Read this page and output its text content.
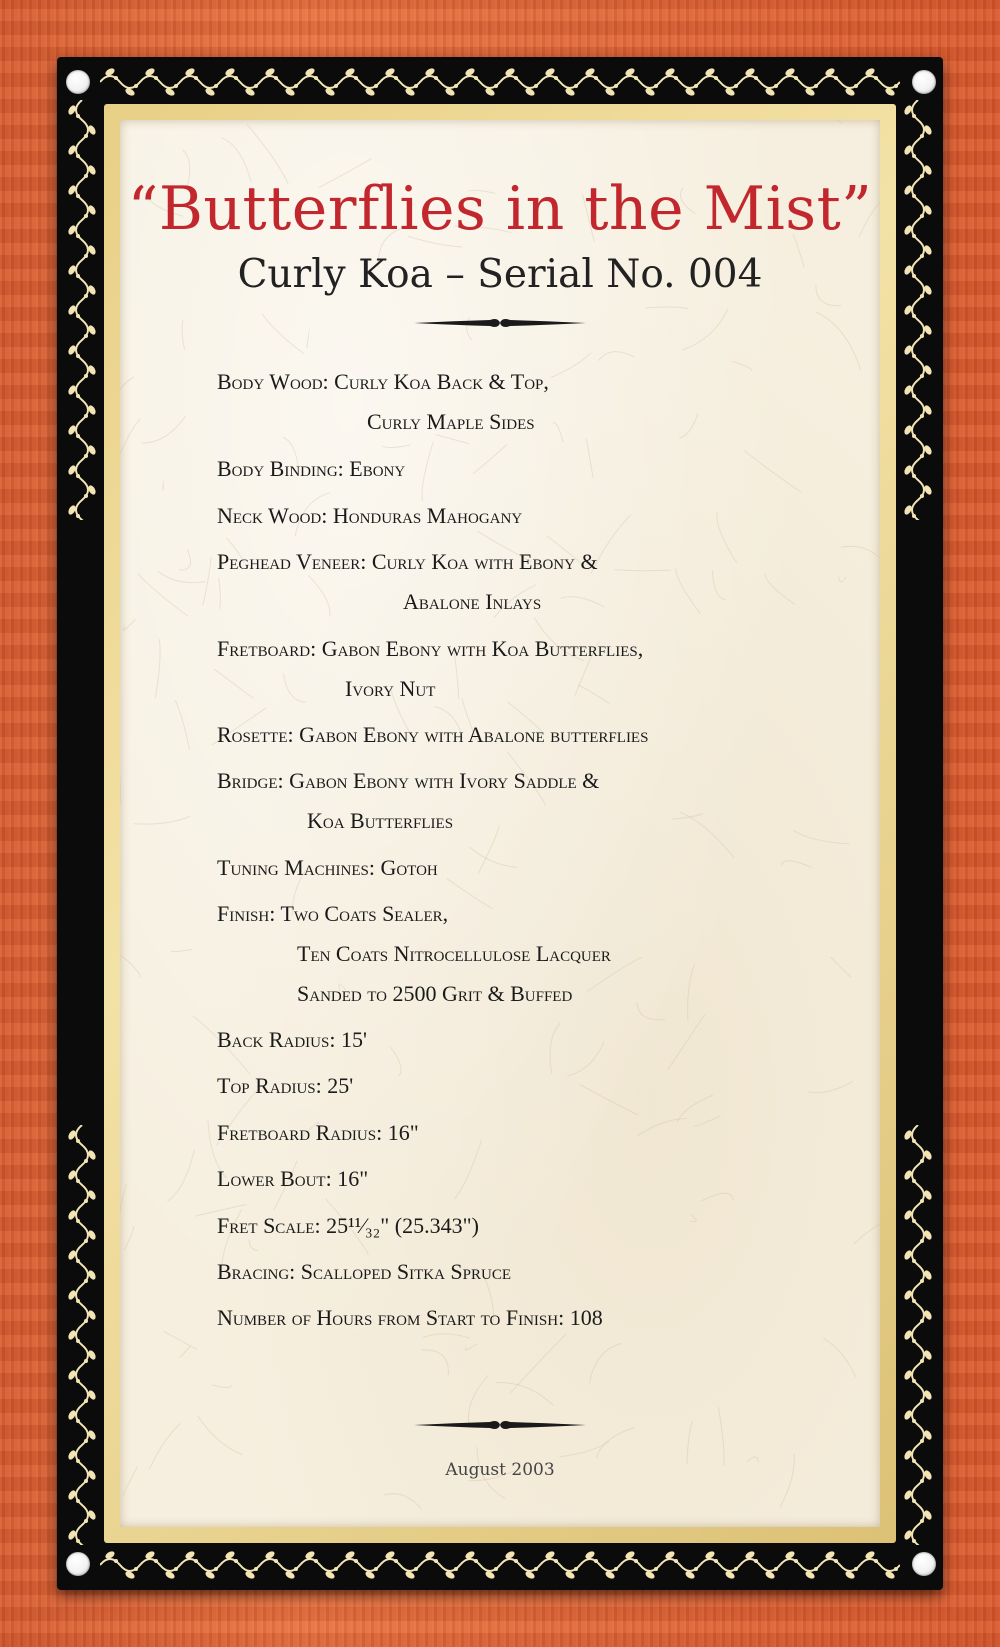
“Butterflies in the Mist”
Curly Koa – Serial No. 004
Body Wood: Curly Koa Back & Top,
Curly Maple Sides
Body Binding: Ebony
Neck Wood: Honduras Mahogany
Peghead Veneer: Curly Koa with Ebony &
Abalone Inlays
Fretboard: Gabon Ebony with Koa Butterflies,
Ivory Nut
Rosette: Gabon Ebony with Abalone butterflies
Bridge: Gabon Ebony with Ivory Saddle &
Koa Butterflies
Tuning Machines: Gotoh
Finish: Two Coats Sealer,
Ten Coats Nitrocellulose Lacquer
Sanded to 2500 Grit & Buffed
Back Radius: 15'
Top Radius: 25'
Fretboard Radius: 16"
Lower Bout: 16"
Fret Scale: 25¹¹⁄₃₂" (25.343")
Bracing: Scalloped Sitka Spruce
Number of Hours from Start to Finish: 108
August 2003
